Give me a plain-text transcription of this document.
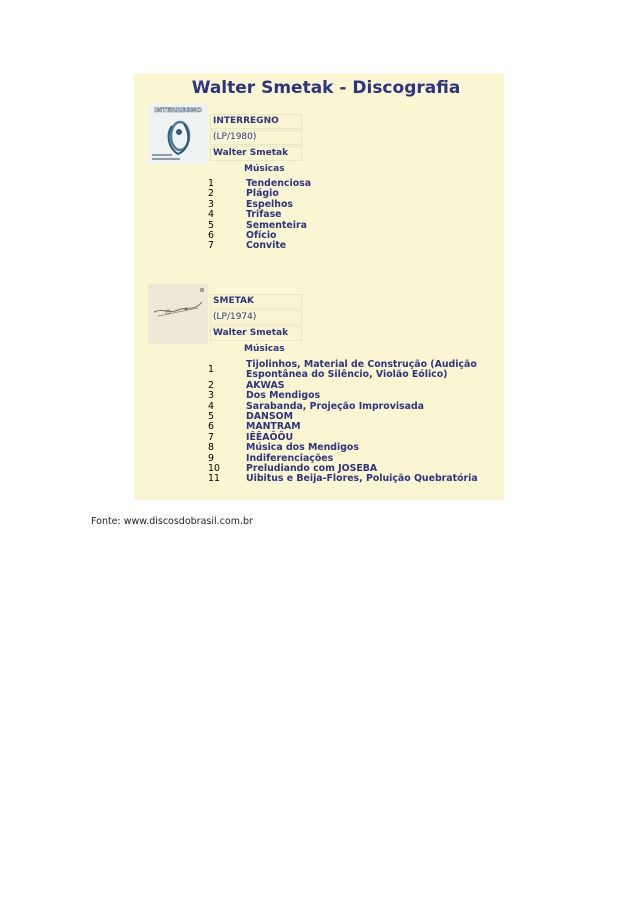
Walter Smetak - Discografia
INTERREGNO
INTERREGNO
(LP/1980)
Walter Smetak
Músicas
1	Tendenciosa
2	Plágio
3	Espelhos
4	Trifase
5	Sementeira
6	Ofício
7	Convite
SMETAK
(LP/1974)
Walter Smetak
Músicas
1	Tijolinhos, Material de Construção (Audição Espontânea do Silêncio, Violão Eólico)
2	AKWAS
3	Dos Mendigos
4	Sarabanda, Projeção Improvisada
5	DANSOM
6	MANTRAM
7	IÊÊAÔÔU
8	Música dos Mendigos
9	Indiferenciações
10	Preludiando com JOSEBA
11	Uibitus e Beija-Flores, Poluição Quebratória
Fonte: www.discosdobrasil.com.br
